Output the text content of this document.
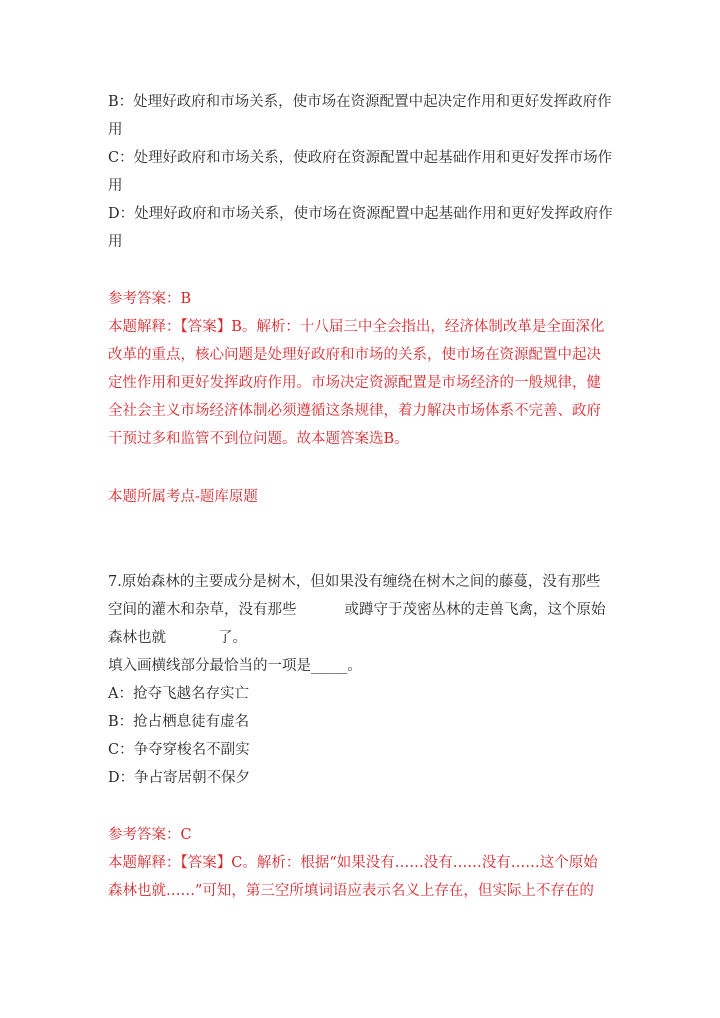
B：处理好政府和市场关系，使市场在资源配置中起决定作用和更好发挥政府作
用
C：处理好政府和市场关系，使政府在资源配置中起基础作用和更好发挥市场作
用
D：处理好政府和市场关系，使市场在资源配置中起基础作用和更好发挥政府作
用
参考答案：B
本题解释：【答案】B。解析：十八届三中全会指出，经济体制改革是全面深化
改革的重点，核心问题是处理好政府和市场的关系，使市场在资源配置中起决
定性作用和更好发挥政府作用。市场决定资源配置是市场经济的一般规律，健
全社会主义市场经济体制必须遵循这条规律，着力解决市场体系不完善、政府
干预过多和监管不到位问题。故本题答案选B。
本题所属考点-题库原题
7.原始森林的主要成分是树木，但如果没有缠绕在树木之间的藤蔓，没有那些
空间的灌木和杂草，没有那些	或蹲守于茂密丛林的走兽飞禽，这个原始
森林也就	了。
填入画横线部分最恰当的一项是_____。
A：抢夺飞越名存实亡
B：抢占栖息徒有虚名
C：争夺穿梭名不副实
D：争占寄居朝不保夕
参考答案：C
本题解释：【答案】C。解析：根据“如果没有……没有……没有……这个原始
森林也就……”可知，第三空所填词语应表示名义上存在，但实际上不存在的
